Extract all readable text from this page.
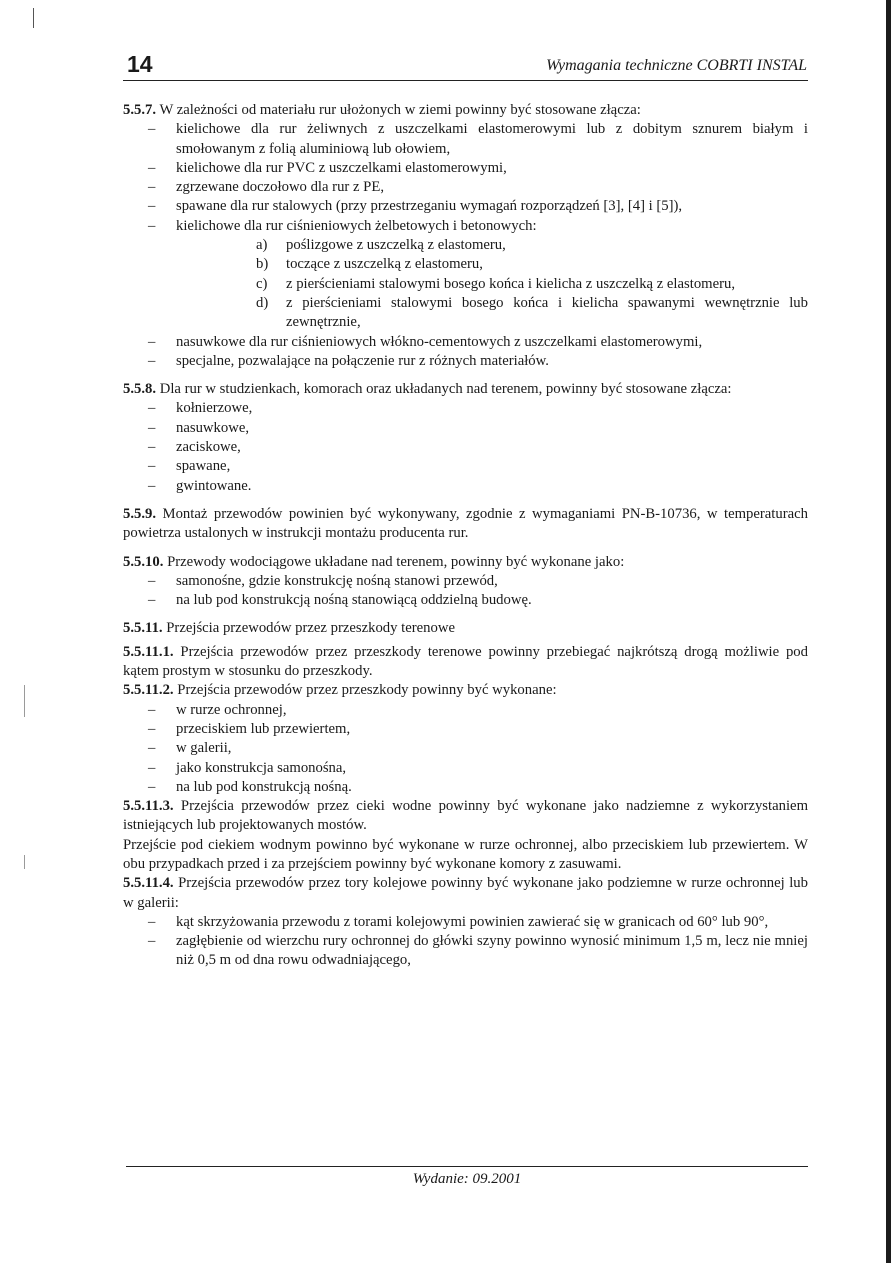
14	Wymagania techniczne COBRTI INSTAL

5.5.7. W zależności od materiału rur ułożonych w ziemi powinny być stosowane złącza:

– kielichowe dla rur żeliwnych z uszczelkami elastomerowymi lub z dobitym sznurem białym i smołowanym z folią aluminiową lub ołowiem,
– kielichowe dla rur PVC z uszczelkami elastomerowymi,
– zgrzewane doczołowo dla rur z PE,
– spawane dla rur stalowych (przy przestrzeganiu wymagań rozporządzeń [3], [4] i [5]),
– kielichowe dla rur ciśnieniowych żelbetowych i betonowych:
a) poślizgowe z uszczelką z elastomeru,
b) toczące z uszczelką z elastomeru,
c) z pierścieniami stalowymi bosego końca i kielicha z uszczelką z elastomeru,
d) z pierścieniami stalowymi bosego końca i kielicha spawanymi wewnętrznie lub zewnętrznie,
– nasuwkowe dla rur ciśnieniowych włókno-cementowych z uszczelkami elastomerowymi,
– specjalne, pozwalające na połączenie rur z różnych materiałów.

5.5.8. Dla rur w studzienkach, komorach oraz układanych nad terenem, powinny być stosowane złącza:

– kołnierzowe,
– nasuwkowe,
– zaciskowe,
– spawane,
– gwintowane.

5.5.9. Montaż przewodów powinien być wykonywany, zgodnie z wymaganiami PN-B-10736, w temperaturach powietrza ustalonych w instrukcji montażu producenta rur.

5.5.10. Przewody wodociągowe układane nad terenem, powinny być wykonane jako:

– samonośne, gdzie konstrukcję nośną stanowi przewód,
– na lub pod konstrukcją nośną stanowiącą oddzielną budowę.

5.5.11. Przejścia przewodów przez przeszkody terenowe

5.5.11.1. Przejścia przewodów przez przeszkody terenowe powinny przebiegać najkrótszą drogą możliwie pod kątem prostym w stosunku do przeszkody.

5.5.11.2. Przejścia przewodów przez przeszkody powinny być wykonane:

– w rurze ochronnej,
– przeciskiem lub przewiertem,
– w galerii,
– jako konstrukcja samonośna,
– na lub pod konstrukcją nośną.

5.5.11.3. Przejścia przewodów przez cieki wodne powinny być wykonane jako nadziemne z wykorzystaniem istniejących lub projektowanych mostów.

Przejście pod ciekiem wodnym powinno być wykonane w rurze ochronnej, albo przeciskiem lub przewiertem. W obu przypadkach przed i za przejściem powinny być wykonane komory z zasuwami.

5.5.11.4. Przejścia przewodów przez tory kolejowe powinny być wykonane jako podziemne w rurze ochronnej lub w galerii:

– kąt skrzyżowania przewodu z torami kolejowymi powinien zawierać się w granicach od 60° lub 90°,
– zagłębienie od wierzchu rury ochronnej do główki szyny powinno wynosić minimum 1,5 m, lecz nie mniej niż 0,5 m od dna rowu odwadniającego,
Wydanie: 09.2001
